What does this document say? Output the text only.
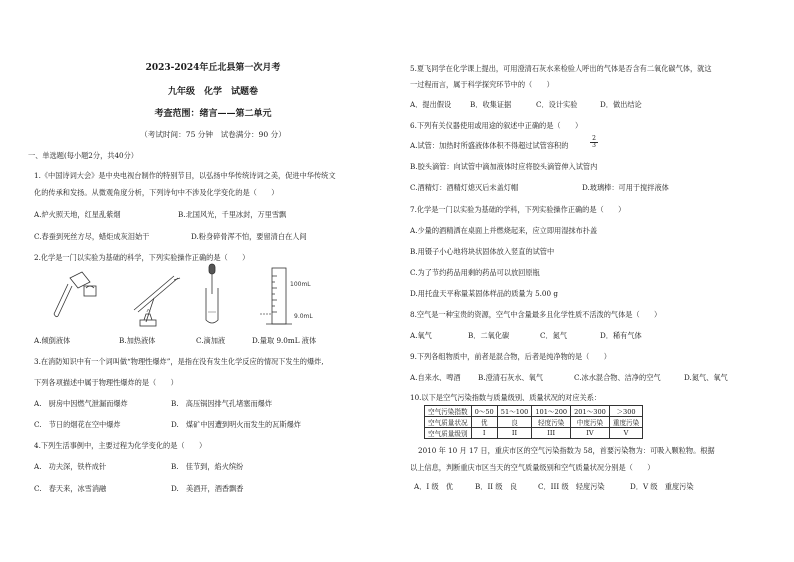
2023-2024年丘北县第一次月考
九年级　化学　试题卷
考查范围：绪言——第二单元
（考试时间：75 分钟　试卷满分：90 分）
一、单选题(每小题2分，共40分）
1.《中国诗词大会》是中央电视台制作的特别节目，以弘扬中华传统诗词之美，促进中华传统文
化的传承和发扬。从微观角度分析，下列诗句中不涉及化学变化的是（　　）
A.炉火照天地，红星乱紫烟	B.北国风光，千里冰封，万里雪飘
C.春蚕到死丝方尽，蜡炬成灰泪始干	D.粉身碎骨浑不怕，要留清白在人间
2.化学是一门以实验为基础的科学，下列实验操作正确的是（　　）
100mL
9.0mL
A.倾倒液体	B.加热液体	C.滴加液	D.量取 9.0mL 液体
3.在消防知识中有一个词叫做“物理性爆炸”，是指在没有发生化学反应的情况下发生的爆炸,
下列各项描述中属于物理性爆炸的是（　　）
A.　厨房中因燃气泄漏而爆炸	B.　高压锅因排气孔堵塞而爆炸
C.　节日的烟花在空中爆炸	D.　煤矿中因遭到明火而发生的瓦斯爆炸
4.下列生活事例中，主要过程为化学变化的是（　　）
A.　功夫深，铁杵成针	B.　佳节到，焰火缤纷
C.　春天来，冰雪消融	D.　美酒开，酒香飘香
5.夏飞同学在化学课上提出，可用澄清石灰水来检验人呼出的气体是否含有二氧化碳气体，就这
一过程而言，属于科学探究环节中的（　　）
A．提出假设	B．收集证据	C．设计实验	D．做出结论
6.下列有关仪器使用或用途的叙述中正确的是（　　）
A.试管：加热时所盛液体体积不得超过试管容积的	$\frac{2}{3}$
B.胶头滴管：向试管中滴加液体时应将胶头滴管伸入试管内
C.酒精灯：酒精灯熄灭后未盖灯帽	D.玻璃棒：可用于搅拌液体
7.化学是一门以实验为基础的学科，下列实验操作正确的是（　　）
A.少量的酒精洒在桌面上并燃烧起来，应立即用湿抹布扑盖
B.用镊子小心地将块状固体放入竖直的试管中
C.为了节约药品用剩的药品可以放回原瓶
D.用托盘天平称量某固体样品的质量为 5.00 g
8.空气是一种宝贵的资源，空气中含量最多且化学性质不活泼的气体是（　　）
A.氧气	B．二氧化碳	C．氮气	D．稀有气体
9.下列各组物质中，前者是混合物，后者是纯净物的是（　　）
A.自来水、啤酒 B.澄清石灰水、氧气	C.冰水混合物、洁净的空气	D.氮气、氧气
10.以下是空气污染指数与质量级别、质量状况的对应关系：
空气污染指数	0～50	51～100	101～200	201～300	＞300
空气质量状况	优	良	轻度污染	中度污染	重度污染
空气质量级别	I	II	III	IV	V
2010 年 10 月 17 日，重庆市区的空气污染指数为 58，首要污染物为：可吸入颗粒物。根据
以上信息，判断重庆市区当天的空气质量级别和空气质量状况分别是（　　）
A．I 级　优	B．II 级　良	C．III 级　轻度污染	D．V 级　重度污染
